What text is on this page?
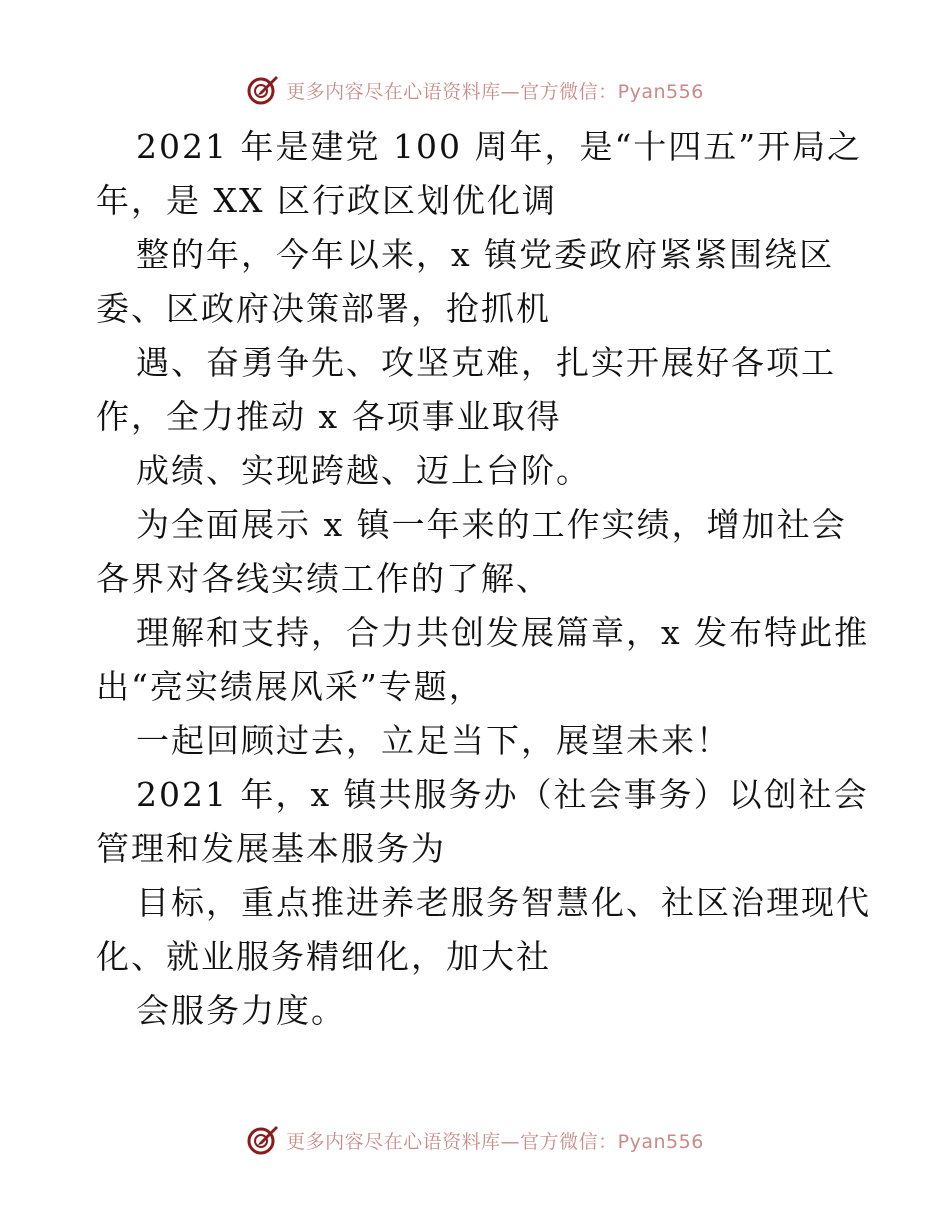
更多内容尽在心语资料库—官方微信：Pyan556
2021 年是建党 100 周年，是“十四五”开局之
年，是 XX 区行政区划优化调
整的年，今年以来，x 镇党委政府紧紧围绕区
委、区政府决策部署，抢抓机
遇、奋勇争先、攻坚克难，扎实开展好各项工
作，全力推动 x 各项事业取得
成绩、实现跨越、迈上台阶。
为全面展示 x 镇一年来的工作实绩，增加社会
各界对各线实绩工作的了解、
理解和支持，合力共创发展篇章，x 发布特此推
出“亮实绩展风采”专题，
一起回顾过去，立足当下，展望未来！
2021 年，x 镇共服务办（社会事务）以创社会
管理和发展基本服务为
目标，重点推进养老服务智慧化、社区治理现代
化、就业服务精细化，加大社
会服务力度。
更多内容尽在心语资料库—官方微信：Pyan556
